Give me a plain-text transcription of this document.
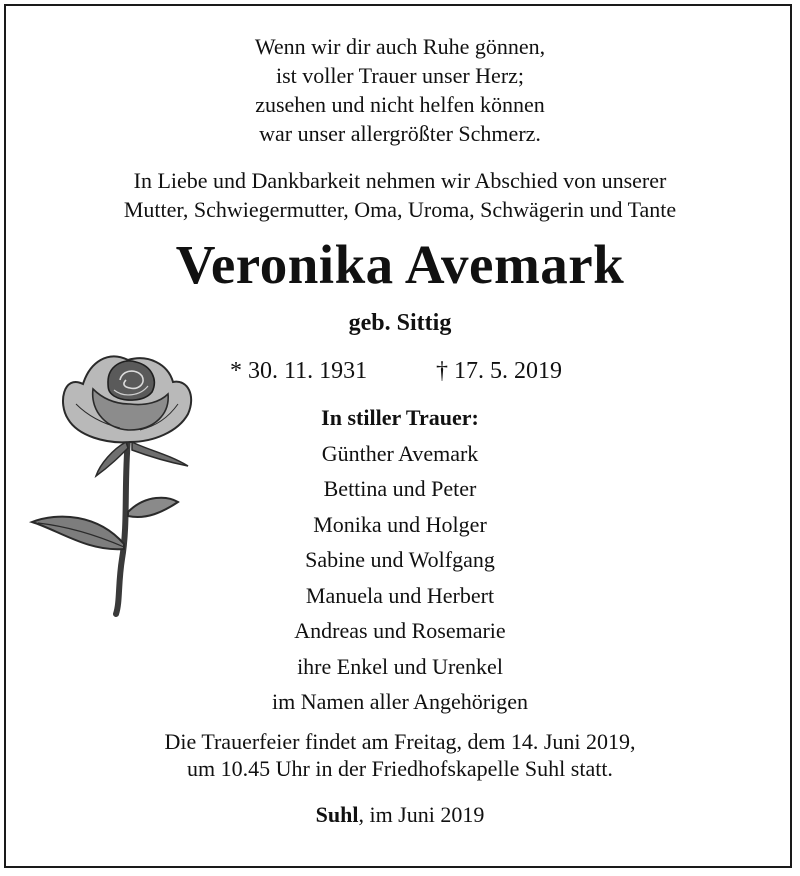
Wenn wir dir auch Ruhe gönnen,
ist voller Trauer unser Herz;
zusehen und nicht helfen können
war unser allergrößter Schmerz.
In Liebe und Dankbarkeit nehmen wir Abschied von unserer
Mutter, Schwiegermutter, Oma, Uroma, Schwägerin und Tante
Veronika Avemark
geb. Sittig
* 30. 11. 1931	† 17. 5. 2019
In stiller Trauer:
Günther Avemark
Bettina und Peter
Monika und Holger
Sabine und Wolfgang
Manuela und Herbert
Andreas und Rosemarie
ihre Enkel und Urenkel
im Namen aller Angehörigen
Die Trauerfeier findet am Freitag, dem 14. Juni 2019,
um 10.45 Uhr in der Friedhofskapelle Suhl statt.
Suhl, im Juni 2019
